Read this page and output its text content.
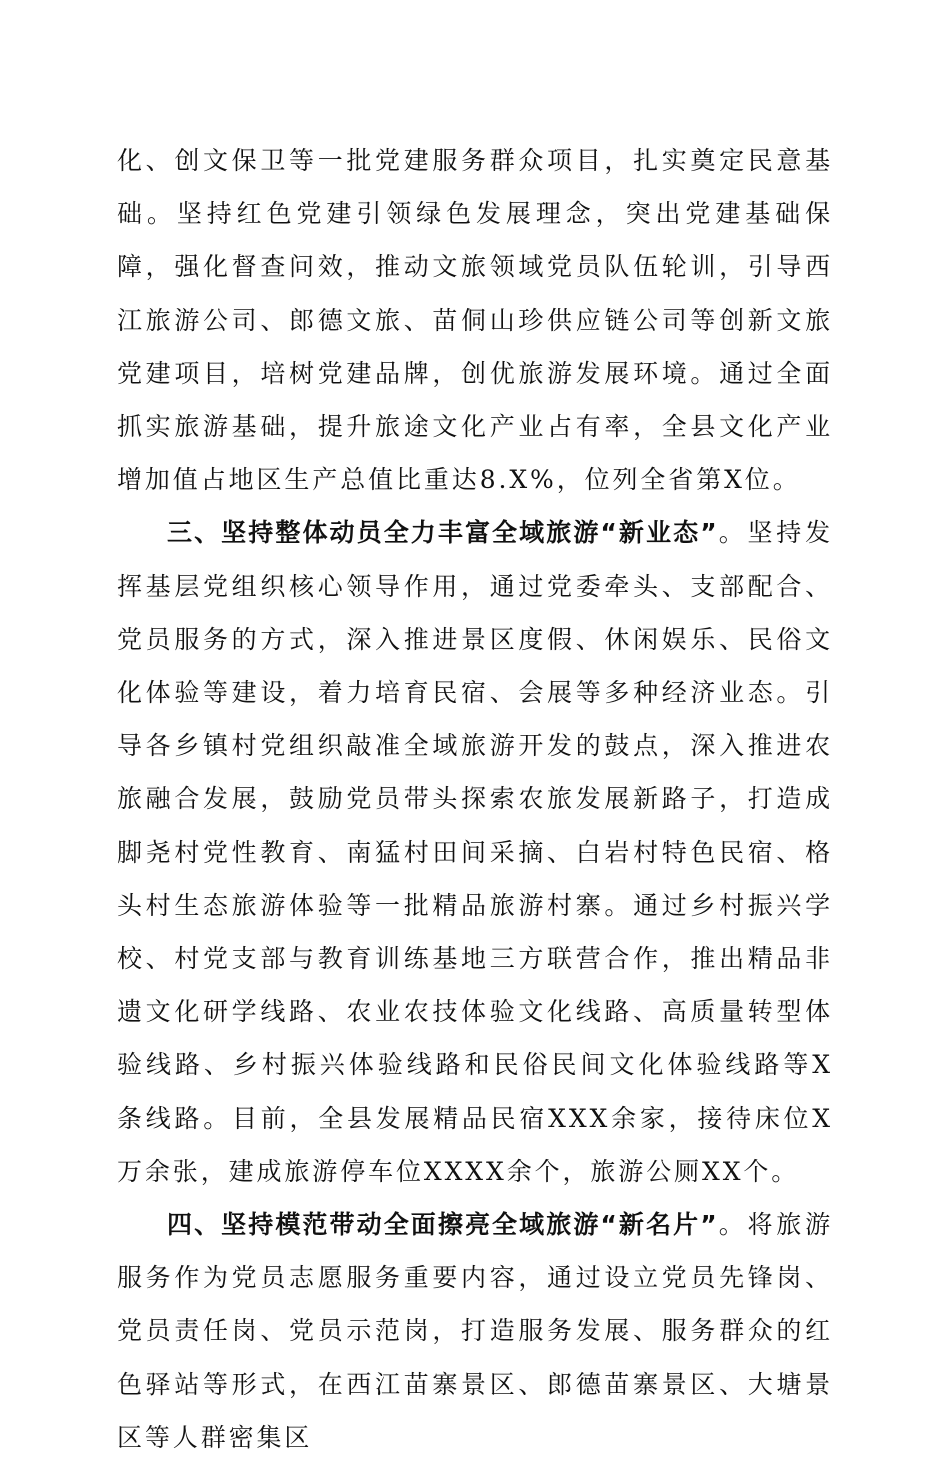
化、创文保卫等一批党建服务群众项目，扎实奠定民意基础。坚持红色党建引领绿色发展理念，突出党建基础保障，强化督查问效，推动文旅领域党员队伍轮训，引导西江旅游公司、郎德文旅、苗侗山珍供应链公司等创新文旅党建项目，培树党建品牌，创优旅游发展环境。通过全面抓实旅游基础，提升旅途文化产业占有率，全县文化产业增加值占地区生产总值比重达8.X%，位列全省第X位。

三、坚持整体动员全力丰富全域旅游“新业态”。坚持发挥基层党组织核心领导作用，通过党委牵头、支部配合、党员服务的方式，深入推进景区度假、休闲娱乐、民俗文化体验等建设，着力培育民宿、会展等多种经济业态。引导各乡镇村党组织敲准全域旅游开发的鼓点，深入推进农旅融合发展，鼓励党员带头探索农旅发展新路子，打造成脚尧村党性教育、南猛村田间采摘、白岩村特色民宿、格头村生态旅游体验等一批精品旅游村寨。通过乡村振兴学校、村党支部与教育训练基地三方联营合作，推出精品非遗文化研学线路、农业农技体验文化线路、高质量转型体验线路、乡村振兴体验线路和民俗民间文化体验线路等X条线路。目前，全县发展精品民宿XXX余家，接待床位X万余张，建成旅游停车位XXXX余个，旅游公厕XX个。

四、坚持模范带动全面擦亮全域旅游“新名片”。将旅游服务作为党员志愿服务重要内容，通过设立党员先锋岗、党员责任岗、党员示范岗，打造服务发展、服务群众的红色驿站等形式，在西江苗寨景区、郎德苗寨景区、大塘景区等人群密集区
